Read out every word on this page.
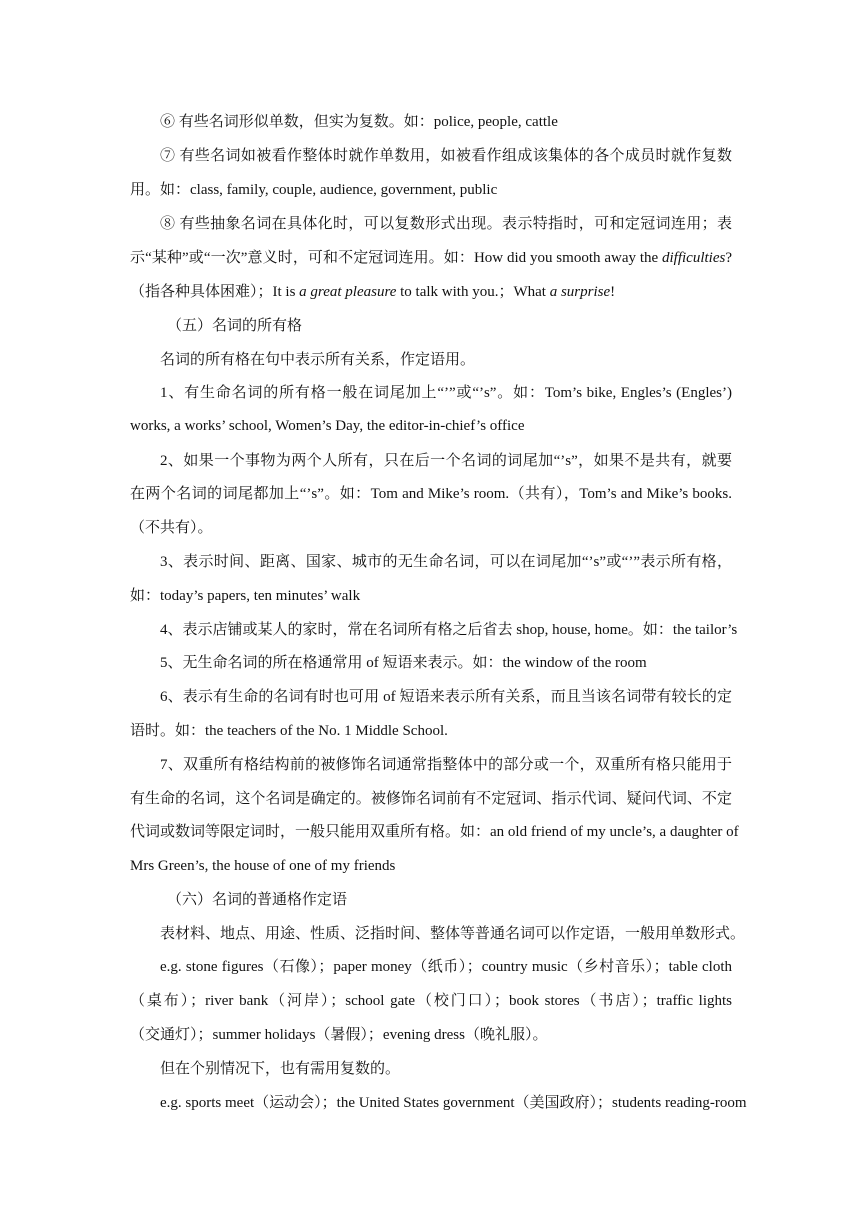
⑥ 有些名词形似单数，但实为复数。如：police, people, cattle
⑦ 有些名词如被看作整体时就作单数用，如被看作组成该集体的各个成员时就作复数
用。如：class, family, couple, audience, government, public
⑧ 有些抽象名词在具体化时，可以复数形式出现。表示特指时，可和定冠词连用；表
示“某种”或“一次”意义时，可和不定冠词连用。如：How did you smooth away the difficulties?
（指各种具体困难）；It is a great pleasure to talk with you.；What a surprise!
（五）名词的所有格
名词的所有格在句中表示所有关系，作定语用。
1、有生命名词的所有格一般在词尾加上“’”或“’s”。如：Tom’s bike, Engles’s (Engles’)
works, a works’ school, Women’s Day, the editor-in-chief’s office
2、如果一个事物为两个人所有，只在后一个名词的词尾加“’s”，如果不是共有，就要
在两个名词的词尾都加上“’s”。如：Tom and Mike’s room.（共有），Tom’s and Mike’s books.
（不共有）。
3、表示时间、距离、国家、城市的无生命名词，可以在词尾加“’s”或“’”表示所有格，
如：today’s papers, ten minutes’ walk
4、表示店铺或某人的家时，常在名词所有格之后省去 shop, house, home。如：the tailor’s
5、无生命名词的所在格通常用 of 短语来表示。如：the window of the room
6、表示有生命的名词有时也可用 of 短语来表示所有关系，而且当该名词带有较长的定
语时。如：the teachers of the No. 1 Middle School.
7、双重所有格结构前的被修饰名词通常指整体中的部分或一个，双重所有格只能用于
有生命的名词，这个名词是确定的。被修饰名词前有不定冠词、指示代词、疑问代词、不定
代词或数词等限定词时，一般只能用双重所有格。如：an old friend of my uncle’s, a daughter of
Mrs Green’s, the house of one of my friends
（六）名词的普通格作定语
表材料、地点、用途、性质、泛指时间、整体等普通名词可以作定语，一般用单数形式。
e.g. stone figures（石像）；paper money（纸币）；country music（乡村音乐）；table cloth
（桌布）；river bank（河岸）；school gate（校门口）；book stores（书店）；traffic lights
（交通灯）；summer holidays（暑假）；evening dress（晚礼服）。
但在个别情况下，也有需用复数的。
e.g. sports meet（运动会）；the United States government（美国政府）；students reading-room
